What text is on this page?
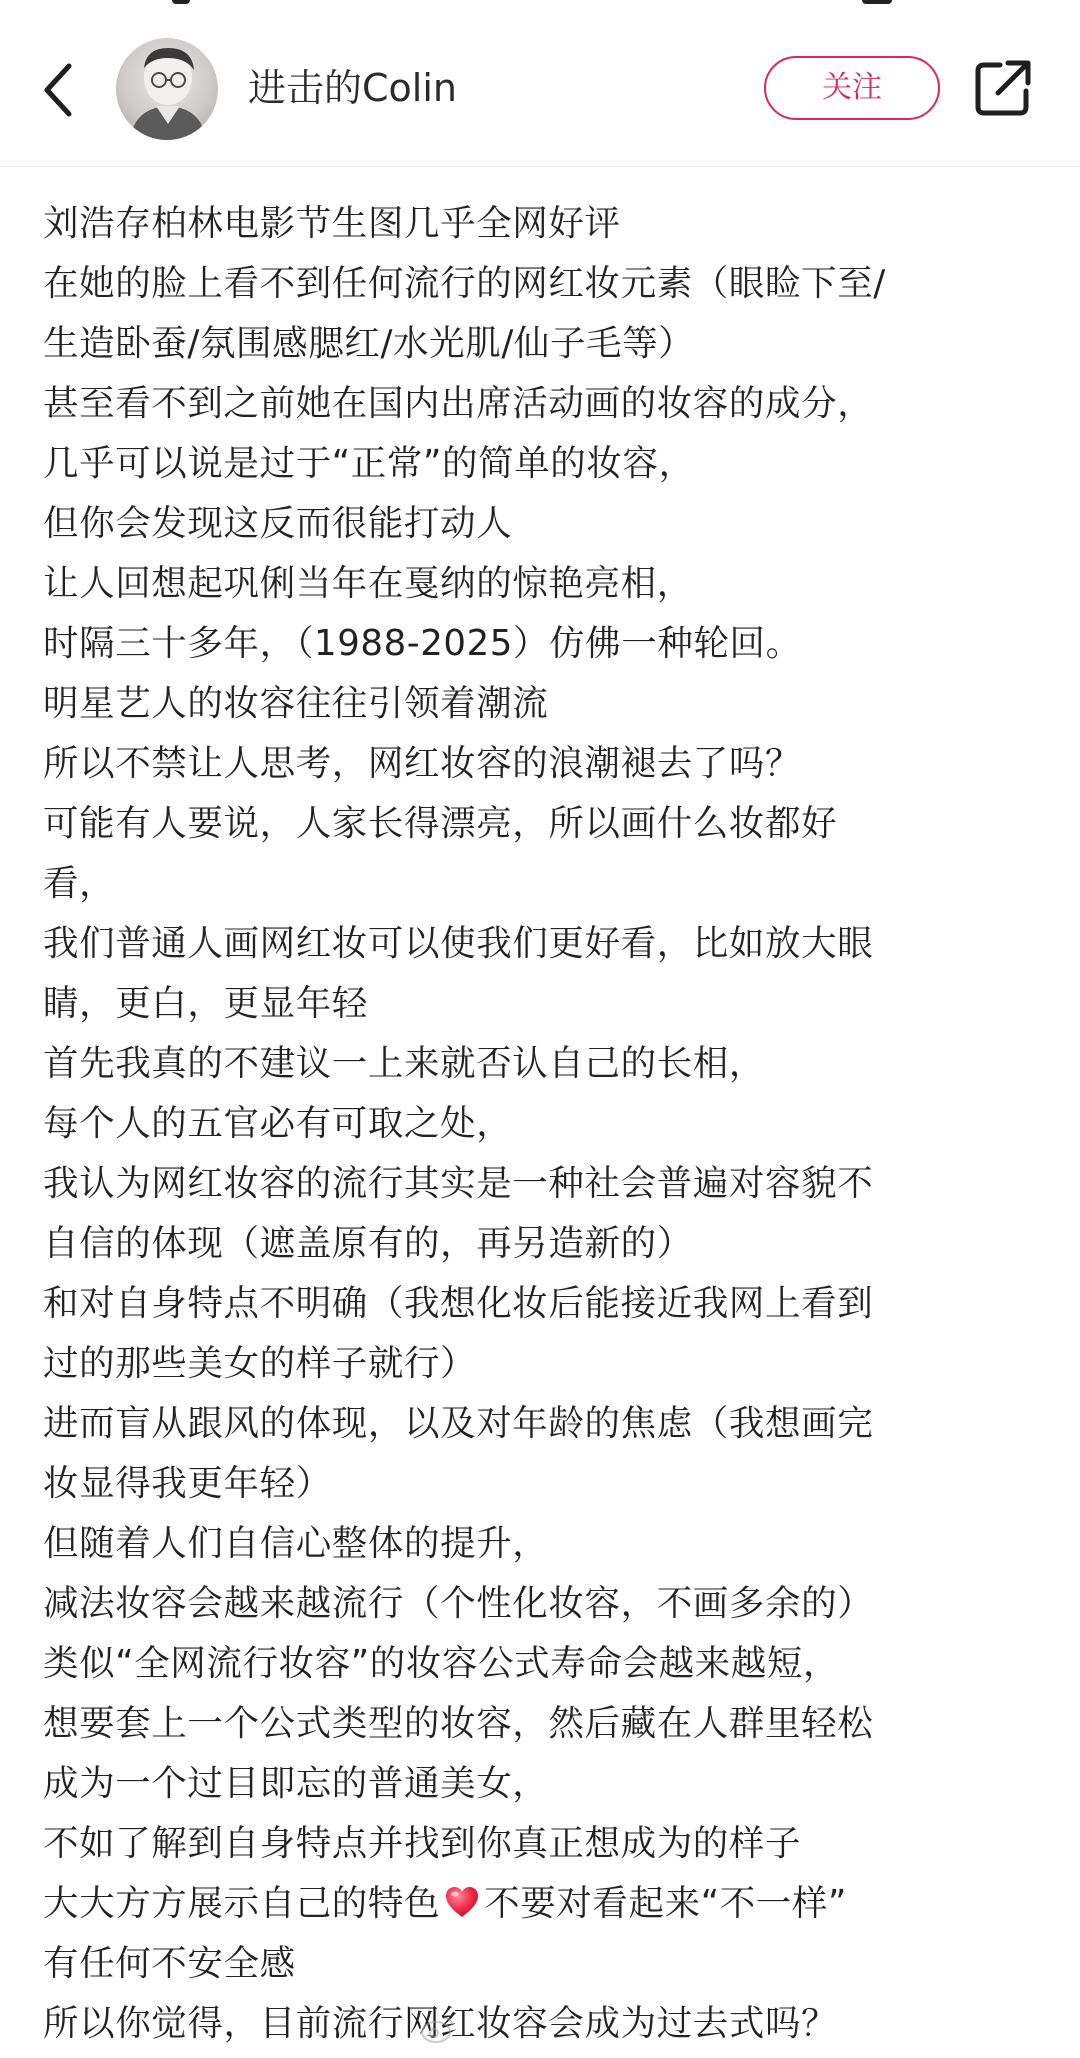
进击的Colin	关注
刘浩存柏林电影节生图几乎全网好评
在她的脸上看不到任何流行的网红妆元素（眼睑下至/
生造卧蚕/氛围感腮红/水光肌/仙子毛等）
甚至看不到之前她在国内出席活动画的妆容的成分，
几乎可以说是过于“正常”的简单的妆容，
但你会发现这反而很能打动人
让人回想起巩俐当年在戛纳的惊艳亮相，
时隔三十多年，（1988-2025）仿佛一种轮回。
明星艺人的妆容往往引领着潮流
所以不禁让人思考，网红妆容的浪潮褪去了吗？
可能有人要说，人家长得漂亮，所以画什么妆都好
看，
我们普通人画网红妆可以使我们更好看，比如放大眼
睛，更白，更显年轻
首先我真的不建议一上来就否认自己的长相，
每个人的五官必有可取之处，
我认为网红妆容的流行其实是一种社会普遍对容貌不
自信的体现（遮盖原有的，再另造新的）
和对自身特点不明确（我想化妆后能接近我网上看到
过的那些美女的样子就行）
进而盲从跟风的体现，以及对年龄的焦虑（我想画完
妆显得我更年轻）
但随着人们自信心整体的提升，
减法妆容会越来越流行（个性化妆容，不画多余的）
类似“全网流行妆容”的妆容公式寿命会越来越短，
想要套上一个公式类型的妆容，然后藏在人群里轻松
成为一个过目即忘的普通美女，
不如了解到自身特点并找到你真正想成为的样子
大大方方展示自己的特色 不要对看起来“不一样”
有任何不安全感
所以你觉得，目前流行网红妆容会成为过去式吗？
